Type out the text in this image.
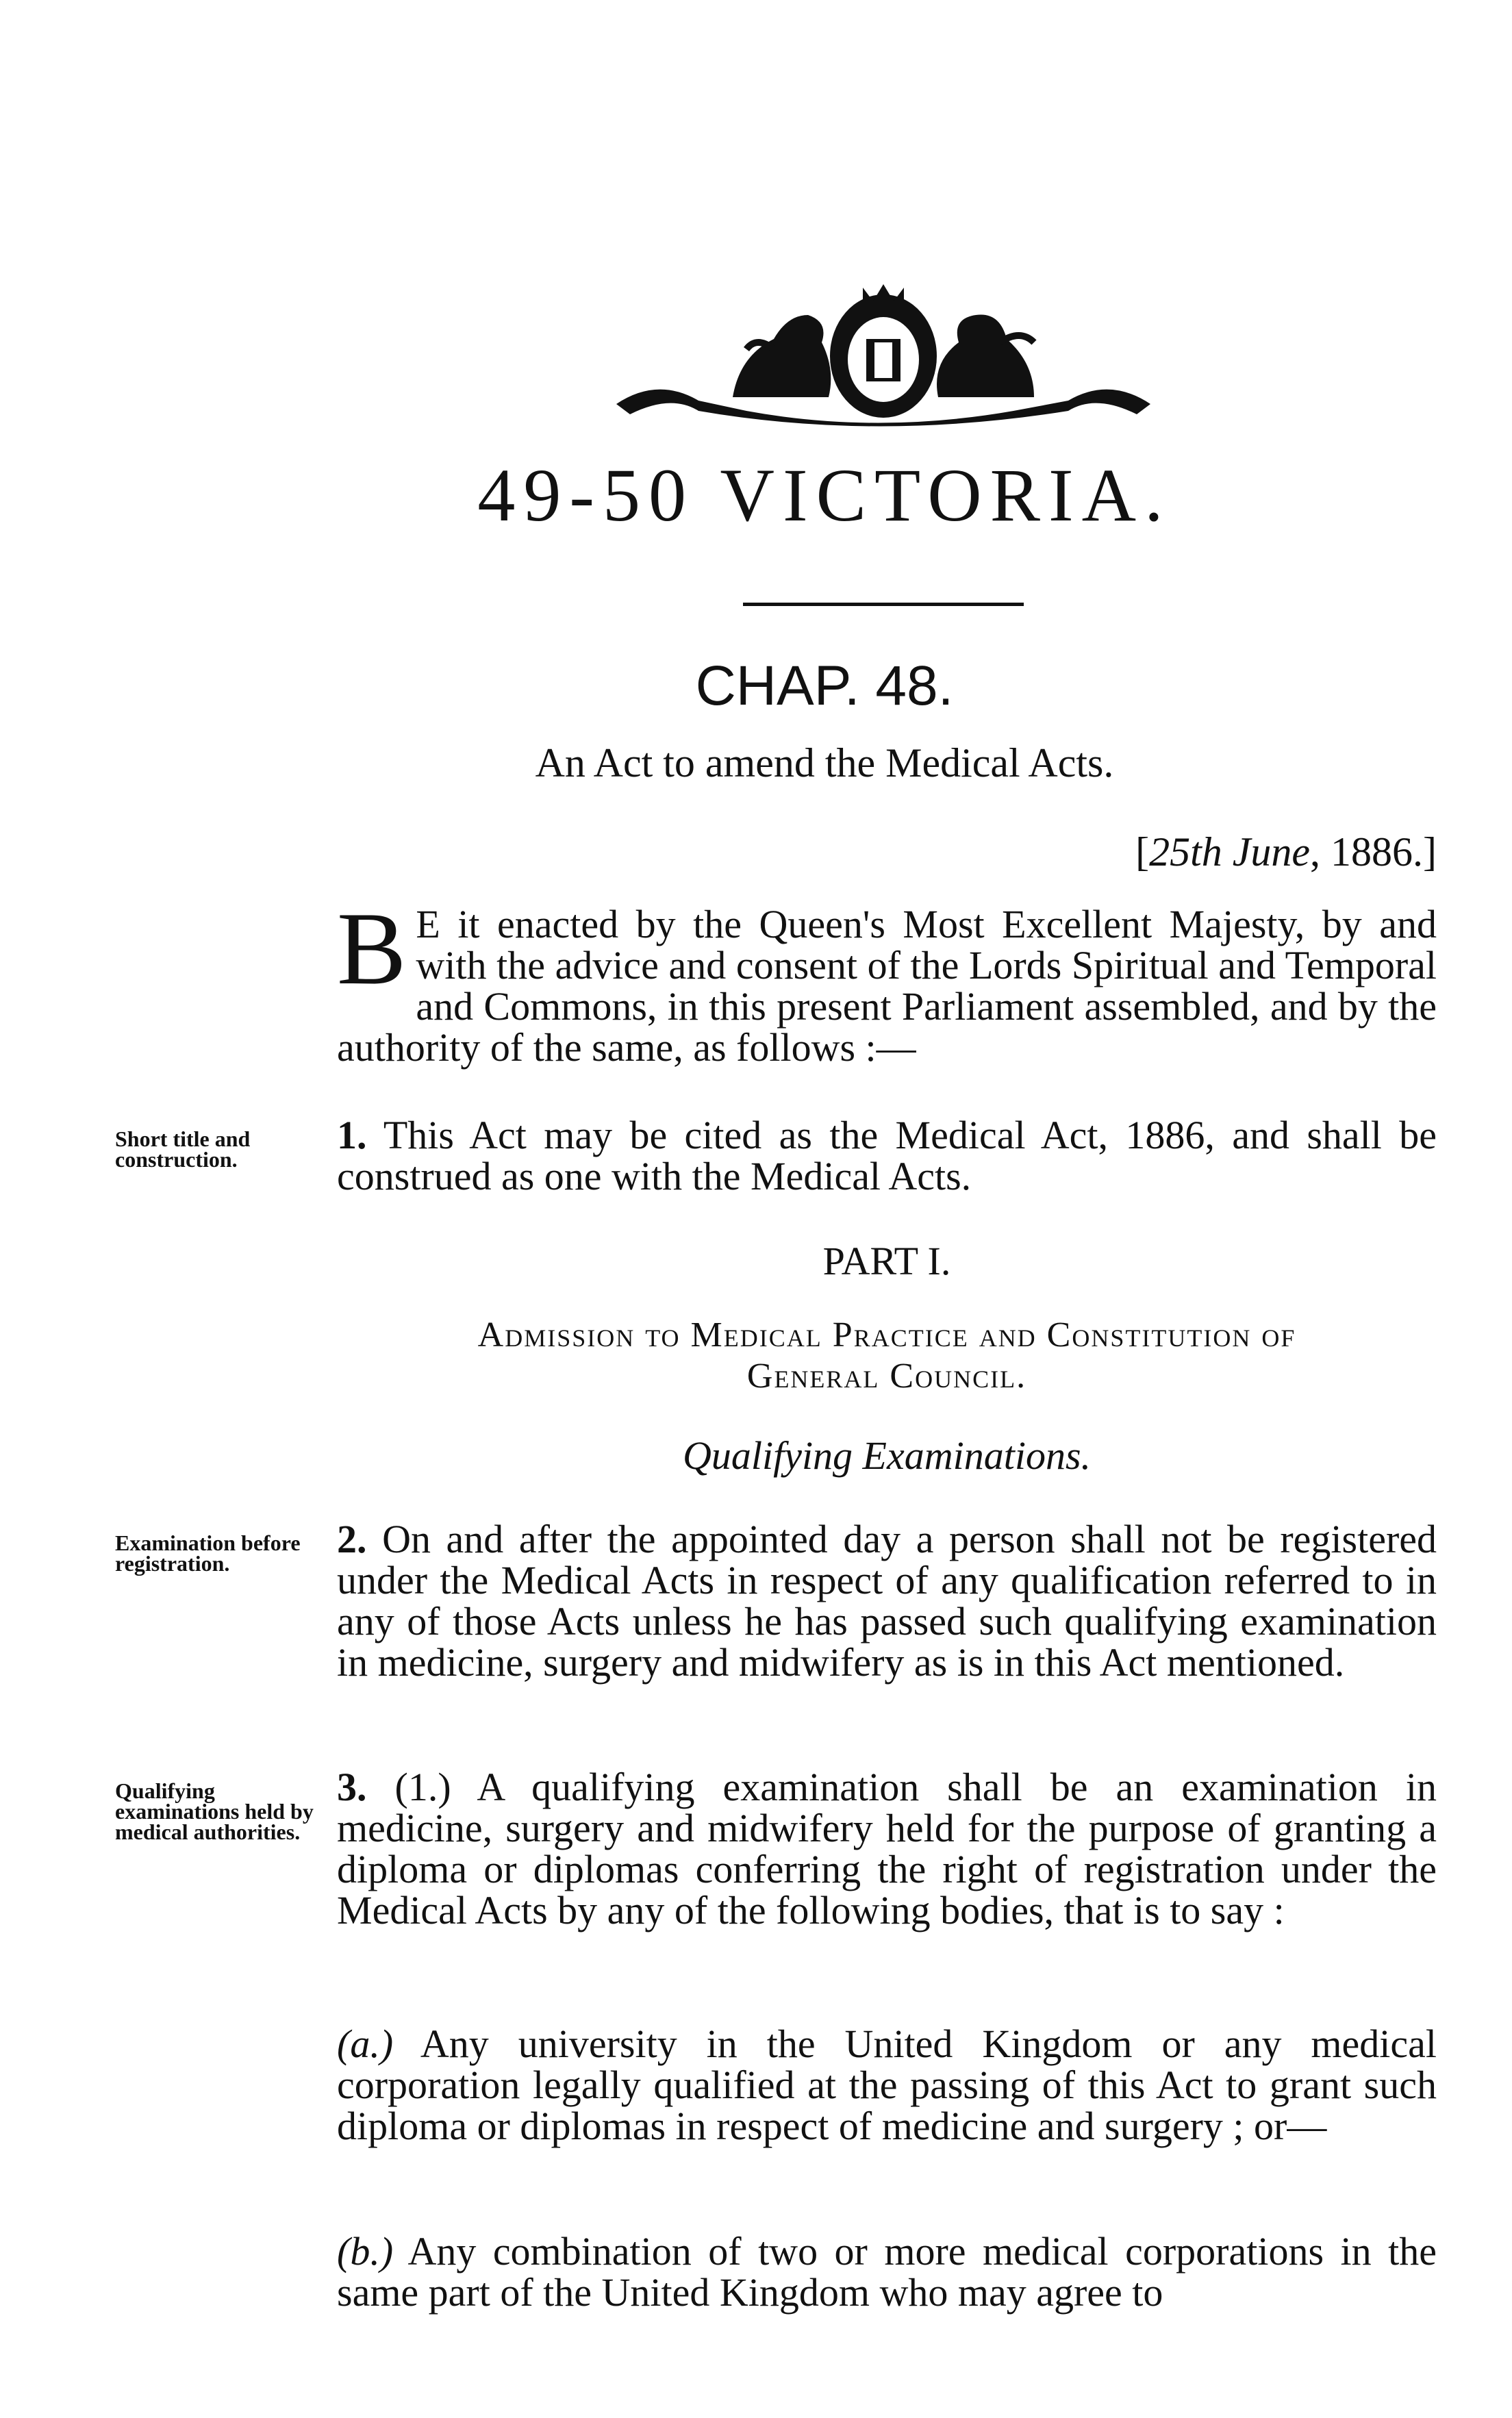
49-50 VICTORIA.
CHAP. 48.
An Act to amend the Medical Acts.
[25th June, 1886.]
B E it enacted by the Queen's Most Excellent Majesty, by and with the advice and consent of the Lords Spiritual and Temporal and Commons, in this present Parliament assembled, and by the authority of the same, as follows :—
Short title and construction.
1. This Act may be cited as the Medical Act, 1886, and shall be construed as one with the Medical Acts.
PART I.
Admission to Medical Practice and Constitution of
General Council.
Qualifying Examinations.
Examination before registration.
2. On and after the appointed day a person shall not be registered under the Medical Acts in respect of any qualification referred to in any of those Acts unless he has passed such qualifying examination in medicine, surgery and midwifery as is in this Act mentioned.
Qualifying examinations held by medical authorities.
3. (1.) A qualifying examination shall be an examination in medicine, surgery and midwifery held for the purpose of granting a diploma or diplomas conferring the right of registration under the Medical Acts by any of the following bodies, that is to say :
(a.) Any university in the United Kingdom or any medical corporation legally qualified at the passing of this Act to grant such diploma or diplomas in respect of medicine and surgery ; or—
(b.) Any combination of two or more medical corporations in the same part of the United Kingdom who may agree to
